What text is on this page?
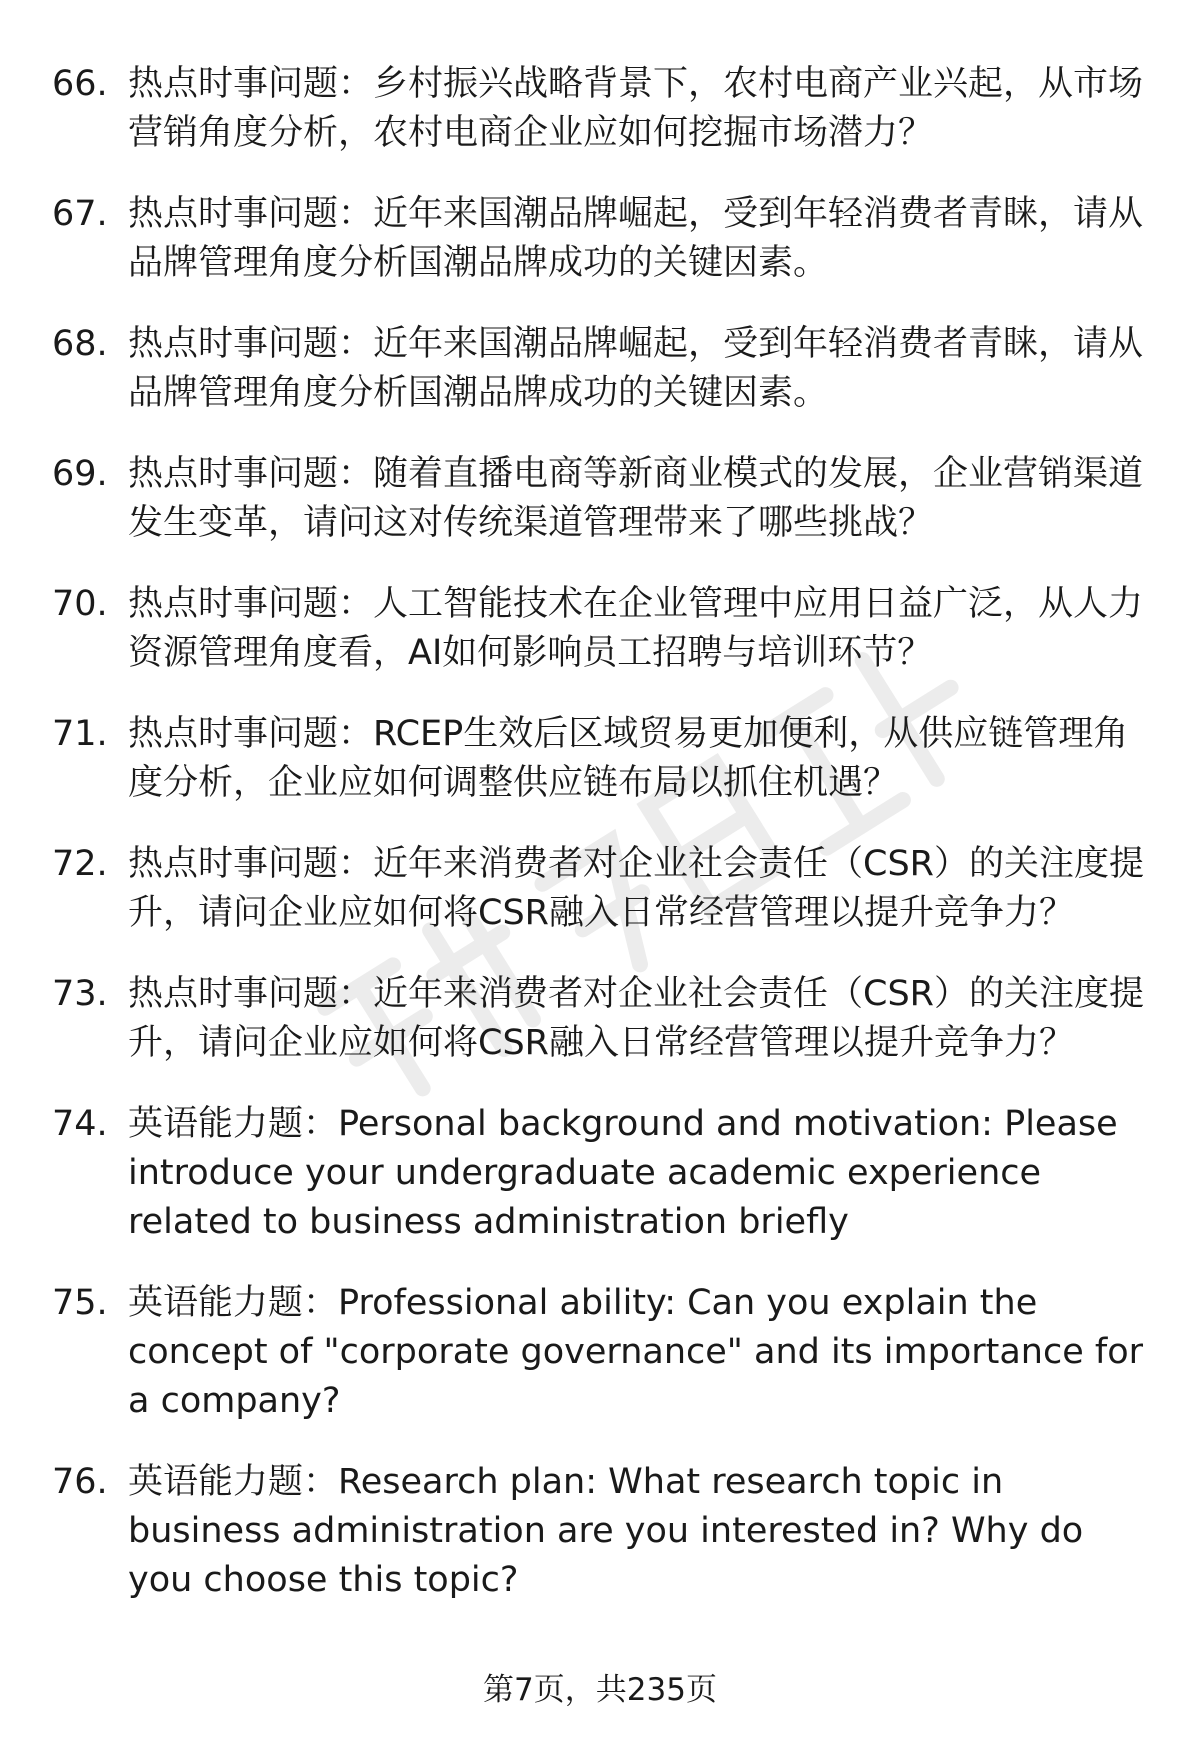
66. 热点时事问题：乡村振兴战略背景下，农村电商产业兴起，从市场营销角度分析，农村电商企业应如何挖掘市场潜力？
67. 热点时事问题：近年来国潮品牌崛起，受到年轻消费者青睐，请从品牌管理角度分析国潮品牌成功的关键因素。
68. 热点时事问题：近年来国潮品牌崛起，受到年轻消费者青睐，请从品牌管理角度分析国潮品牌成功的关键因素。
69. 热点时事问题：随着直播电商等新商业模式的发展，企业营销渠道发生变革，请问这对传统渠道管理带来了哪些挑战？
70. 热点时事问题：人工智能技术在企业管理中应用日益广泛，从人力资源管理角度看，AI如何影响员工招聘与培训环节？
71. 热点时事问题：RCEP生效后区域贸易更加便利，从供应链管理角度分析，企业应如何调整供应链布局以抓住机遇？
72. 热点时事问题：近年来消费者对企业社会责任（CSR）的关注度提升，请问企业应如何将CSR融入日常经营管理以提升竞争力？
73. 热点时事问题：近年来消费者对企业社会责任（CSR）的关注度提升，请问企业应如何将CSR融入日常经营管理以提升竞争力？
74. 英语能力题：Personal background and motivation: Please introduce your undergraduate academic experience related to business administration briefly
75. 英语能力题：Professional ability: Can you explain the concept of "corporate governance" and its importance for a company?
76. 英语能力题：Research plan: What research topic in business administration are you interested in? Why do you choose this topic?
第7页，共235页
